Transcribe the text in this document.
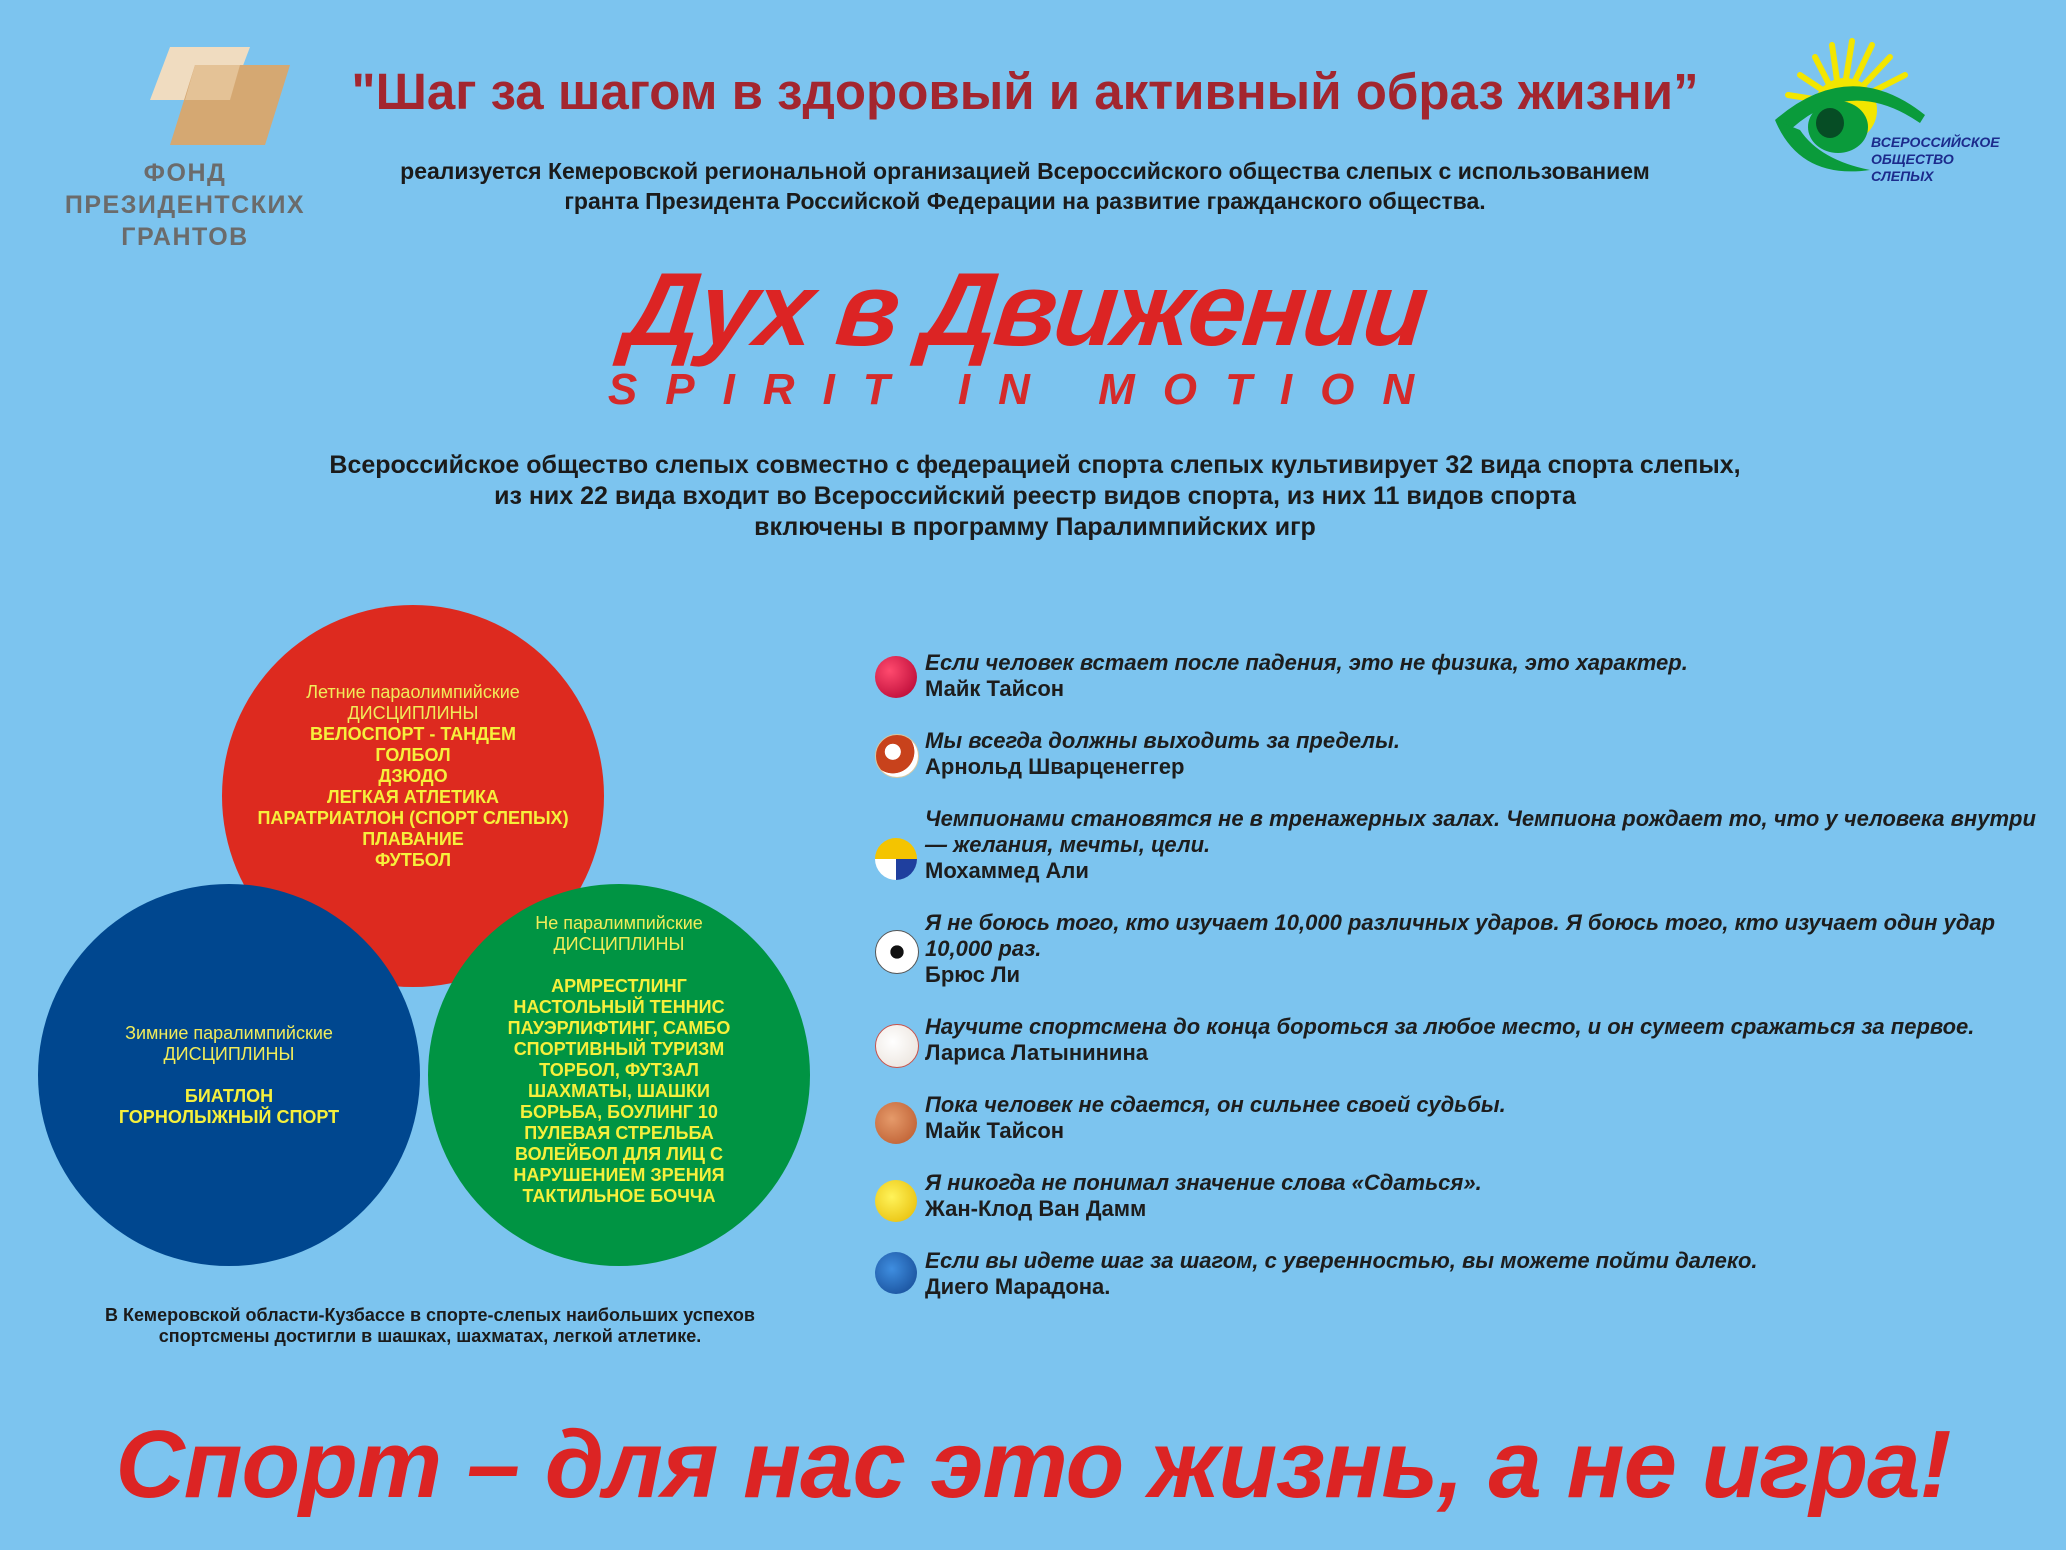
ФОНД
ПРЕЗИДЕНТСКИХ
ГРАНТОВ
ВСЕРОССИЙСКОЕ
ОБЩЕСТВО
СЛЕПЫХ
"Шаг за шагом в здоровый и активный образ жизни”
реализуется Кемеровской региональной организацией Всероссийского общества слепых с использованием
гранта Президента Российской Федерации на развитие гражданского общества.
Дух в Движении
SPIRIT IN MOTION
Всероссийское общество слепых совместно с федерацией спорта слепых культивирует 32 вида спорта слепых,
из них 22 вида входит во Всероссийский реестр видов спорта, из них 11 видов спорта
включены в программу Паралимпийских игр
Летние параолимпийские
ДИСЦИПЛИНЫ
ВЕЛОСПОРТ - ТАНДЕМ
ГОЛБОЛ
ДЗЮДО
ЛЕГКАЯ АТЛЕТИКА
ПАРАТРИАТЛОН (СПОРТ СЛЕПЫХ)
ПЛАВАНИЕ
ФУТБОЛ
Зимние паралимпийские
ДИСЦИПЛИНЫ
БИАТЛОН
ГОРНОЛЫЖНЫЙ СПОРТ
Не паралимпийские
ДИСЦИПЛИНЫ
АРМРЕСТЛИНГ
НАСТОЛЬНЫЙ ТЕННИС
ПАУЭРЛИФТИНГ, САМБО
СПОРТИВНЫЙ ТУРИЗМ
ТОРБОЛ, ФУТЗАЛ
ШАХМАТЫ, ШАШКИ
БОРЬБА, БОУЛИНГ 10
ПУЛЕВАЯ СТРЕЛЬБА
ВОЛЕЙБОЛ ДЛЯ ЛИЦ С
НАРУШЕНИЕМ ЗРЕНИЯ
ТАКТИЛЬНОЕ БОЧЧА
В Кемеровской области-Кузбассе в спорте-слепых наибольших успехов
спортсмены достигли в шашках, шахматах, легкой атлетике.
Если человек встает после падения, это не физика, это характер.
Майк Тайсон
Мы всегда должны выходить за пределы.
Арнольд Шварценеггер
Чемпионами становятся не в тренажерных залах. Чемпиона рождает то, что у человека внутри — желания, мечты, цели.
Мохаммед Али
Я не боюсь того, кто изучает 10,000 различных ударов. Я боюсь того, кто изучает один удар 10,000 раз.
Брюс Ли
Научите спортсмена до конца бороться за любое место, и он сумеет сражаться за первое.
Лариса Латынинина
Пока человек не сдается, он сильнее своей судьбы.
Майк Тайсон
Я никогда не понимал значение слова «Сдаться».
Жан-Клод Ван Дамм
Если вы идете шаг за шагом, с уверенностью, вы можете пойти далеко.
Диего Марадона.
Спорт – для нас это жизнь, а не игра!
